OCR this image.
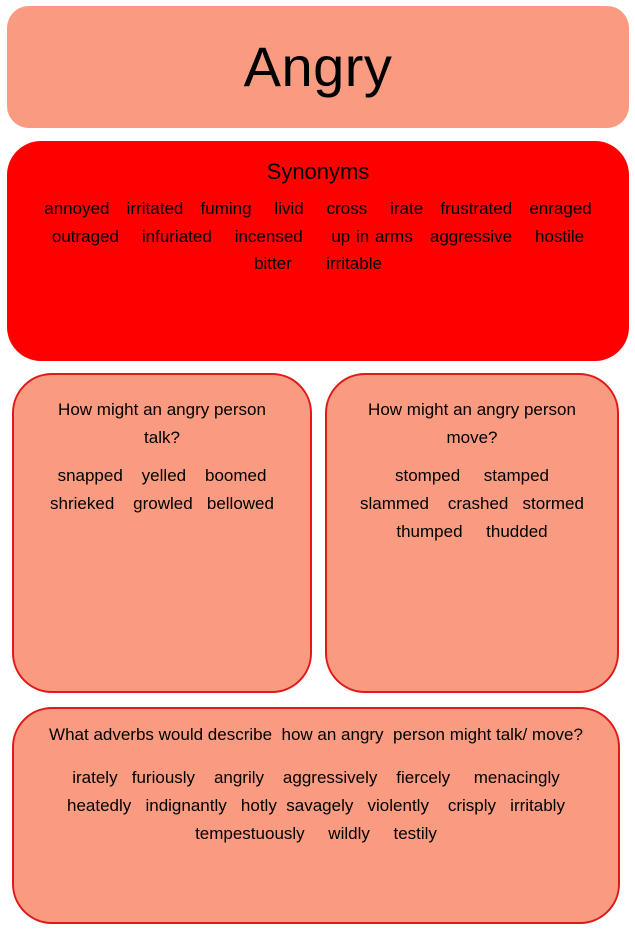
Angry
Synonyms
annoyed   irritated   fuming    livid    cross    irate   frustrated   enraged
outraged    infuriated    incensed     up in arms   aggressive    hostile
bitter      irritable
How might an angry person talk?
snapped    yelled    boomed
shrieked    growled   bellowed
How might an angry person move?
stomped     stamped
slammed    crashed   stormed
thumped     thudded
What adverbs would describe  how an angry  person might talk/ move?
irately   furiously    angrily    aggressively    fiercely     menacingly
heatedly   indignantly   hotly  savagely   violently    crisply   irritably
tempestuously     wildly     testily
